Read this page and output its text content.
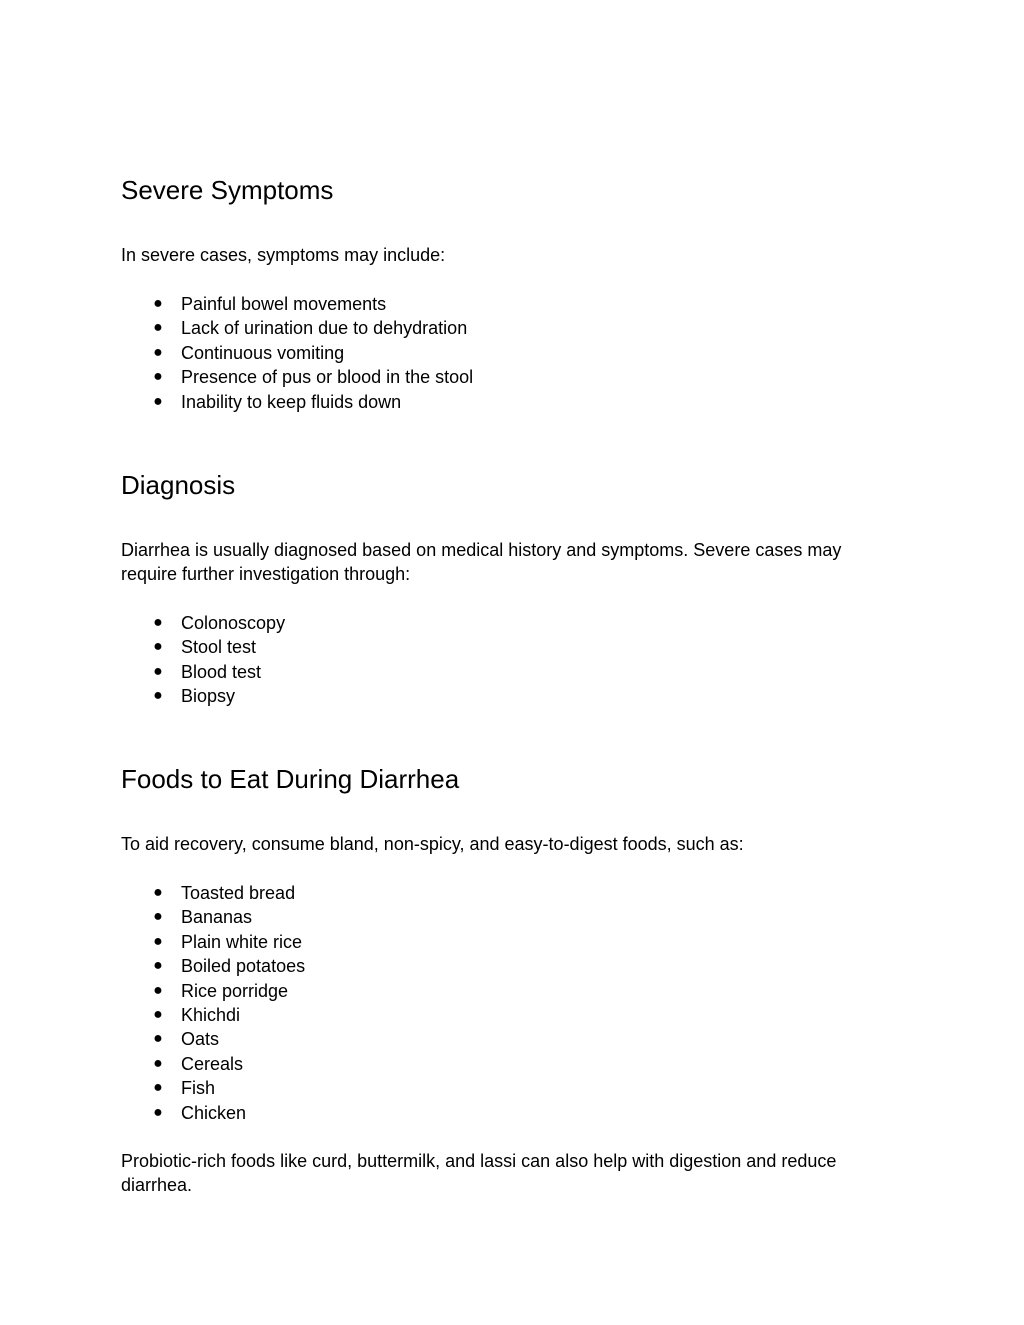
Severe Symptoms

In severe cases, symptoms may include:

● Painful bowel movements
● Lack of urination due to dehydration
● Continuous vomiting
● Presence of pus or blood in the stool
● Inability to keep fluids down
Diagnosis

Diarrhea is usually diagnosed based on medical history and symptoms. Severe cases may require further investigation through:

● Colonoscopy
● Stool test
● Blood test
● Biopsy
Foods to Eat During Diarrhea

To aid recovery, consume bland, non-spicy, and easy-to-digest foods, such as:

● Toasted bread
● Bananas
● Plain white rice
● Boiled potatoes
● Rice porridge
● Khichdi
● Oats
● Cereals
● Fish
● Chicken

Probiotic-rich foods like curd, buttermilk, and lassi can also help with digestion and reduce diarrhea.
